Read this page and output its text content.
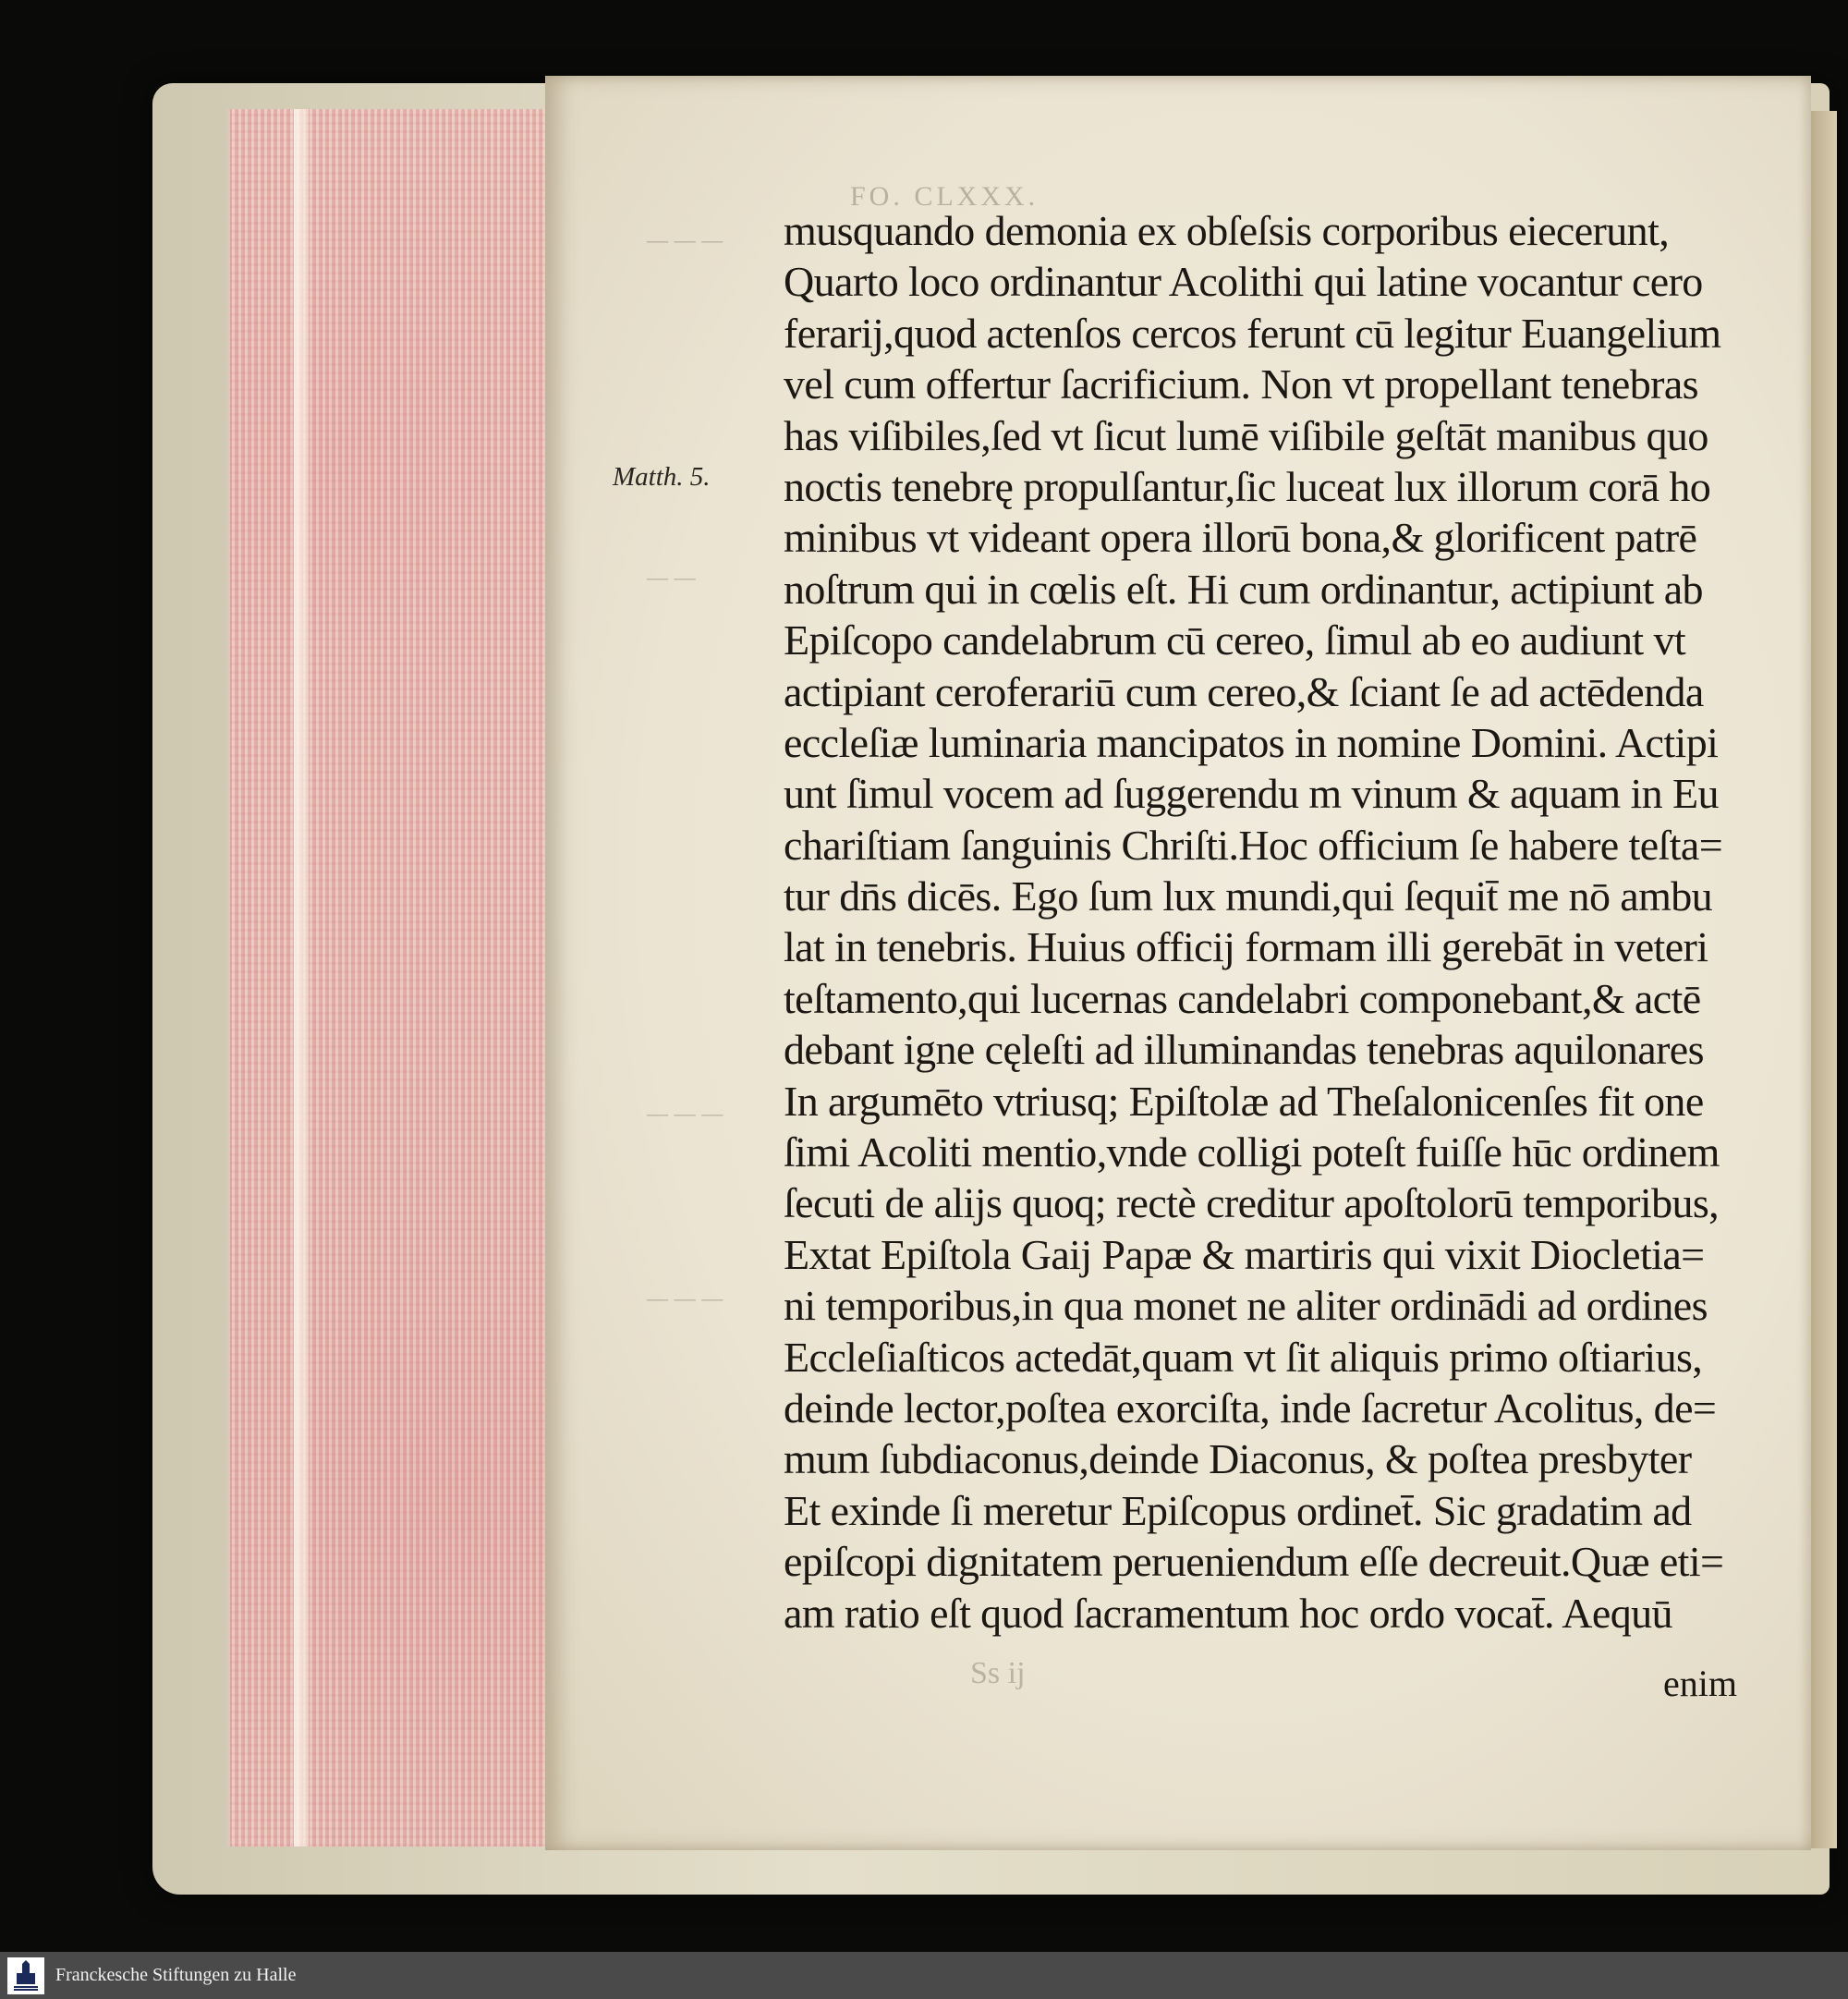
FO. CLXXX.
— — —
— —
— — —
— — —
Matth. 5.
musquando demonia ex obſeſsis corporibus eiecerunt,
Quarto loco ordinantur Acolithi qui latine vocantur cero
ferarij,quod actenſos cercos ferunt cū legitur Euangelium
vel cum offertur ſacrificium. Non vt propellant tenebras
has viſibiles,ſed vt ſicut lumē viſibile geſtāt manibus quo
noctis tenebrę propulſantur,ſic luceat lux illorum corā ho
minibus vt videant opera illorū bona,& glorificent patrē
noſtrum qui in cœlis eſt. Hi cum ordinantur, actipiunt ab
Epiſcopo candelabrum cū cereo, ſimul ab eo audiunt vt
actipiant ceroferariū cum cereo,& ſciant ſe ad actēdenda
eccleſiæ luminaria mancipatos in nomine Domini. Actipi
unt ſimul vocem ad ſuggerendu m vinum & aquam in Eu
chariſtiam ſanguinis Chriſti.Hoc officium ſe habere teſta=
tur dn̄s dicēs. Ego ſum lux mundi,qui ſequit̄ me nō ambu
lat in tenebris. Huius officij formam illi gerebāt in veteri
teſtamento,qui lucernas candelabri componebant,& actē
debant igne cęleſti ad illuminandas tenebras aquilonares
In argumēto vtriusq; Epiſtolæ ad Theſalonicenſes fit one
ſimi Acoliti mentio,vnde colligi poteſt fuiſſe hūc ordinem
ſecuti de alijs quoq; rectè creditur apoſtolorū temporibus,
Extat Epiſtola Gaij Papæ & martiris qui vixit Diocletia=
ni temporibus,in qua monet ne aliter ordinādi ad ordines
Eccleſiaſticos actedāt,quam vt ſit aliquis primo oſtiarius,
deinde lector,poſtea exorciſta, inde ſacretur Acolitus, de=
mum ſubdiaconus,deinde Diaconus, & poſtea presbyter
Et exinde ſi meretur Epiſcopus ordinet̄. Sic gradatim ad
epiſcopi dignitatem perueniendum eſſe decreuit.Quæ eti=
am ratio eſt quod ſacramentum hoc ordo vocat̄. Aequū
Ss ij	enim
Franckesche Stiftungen zu Halle
